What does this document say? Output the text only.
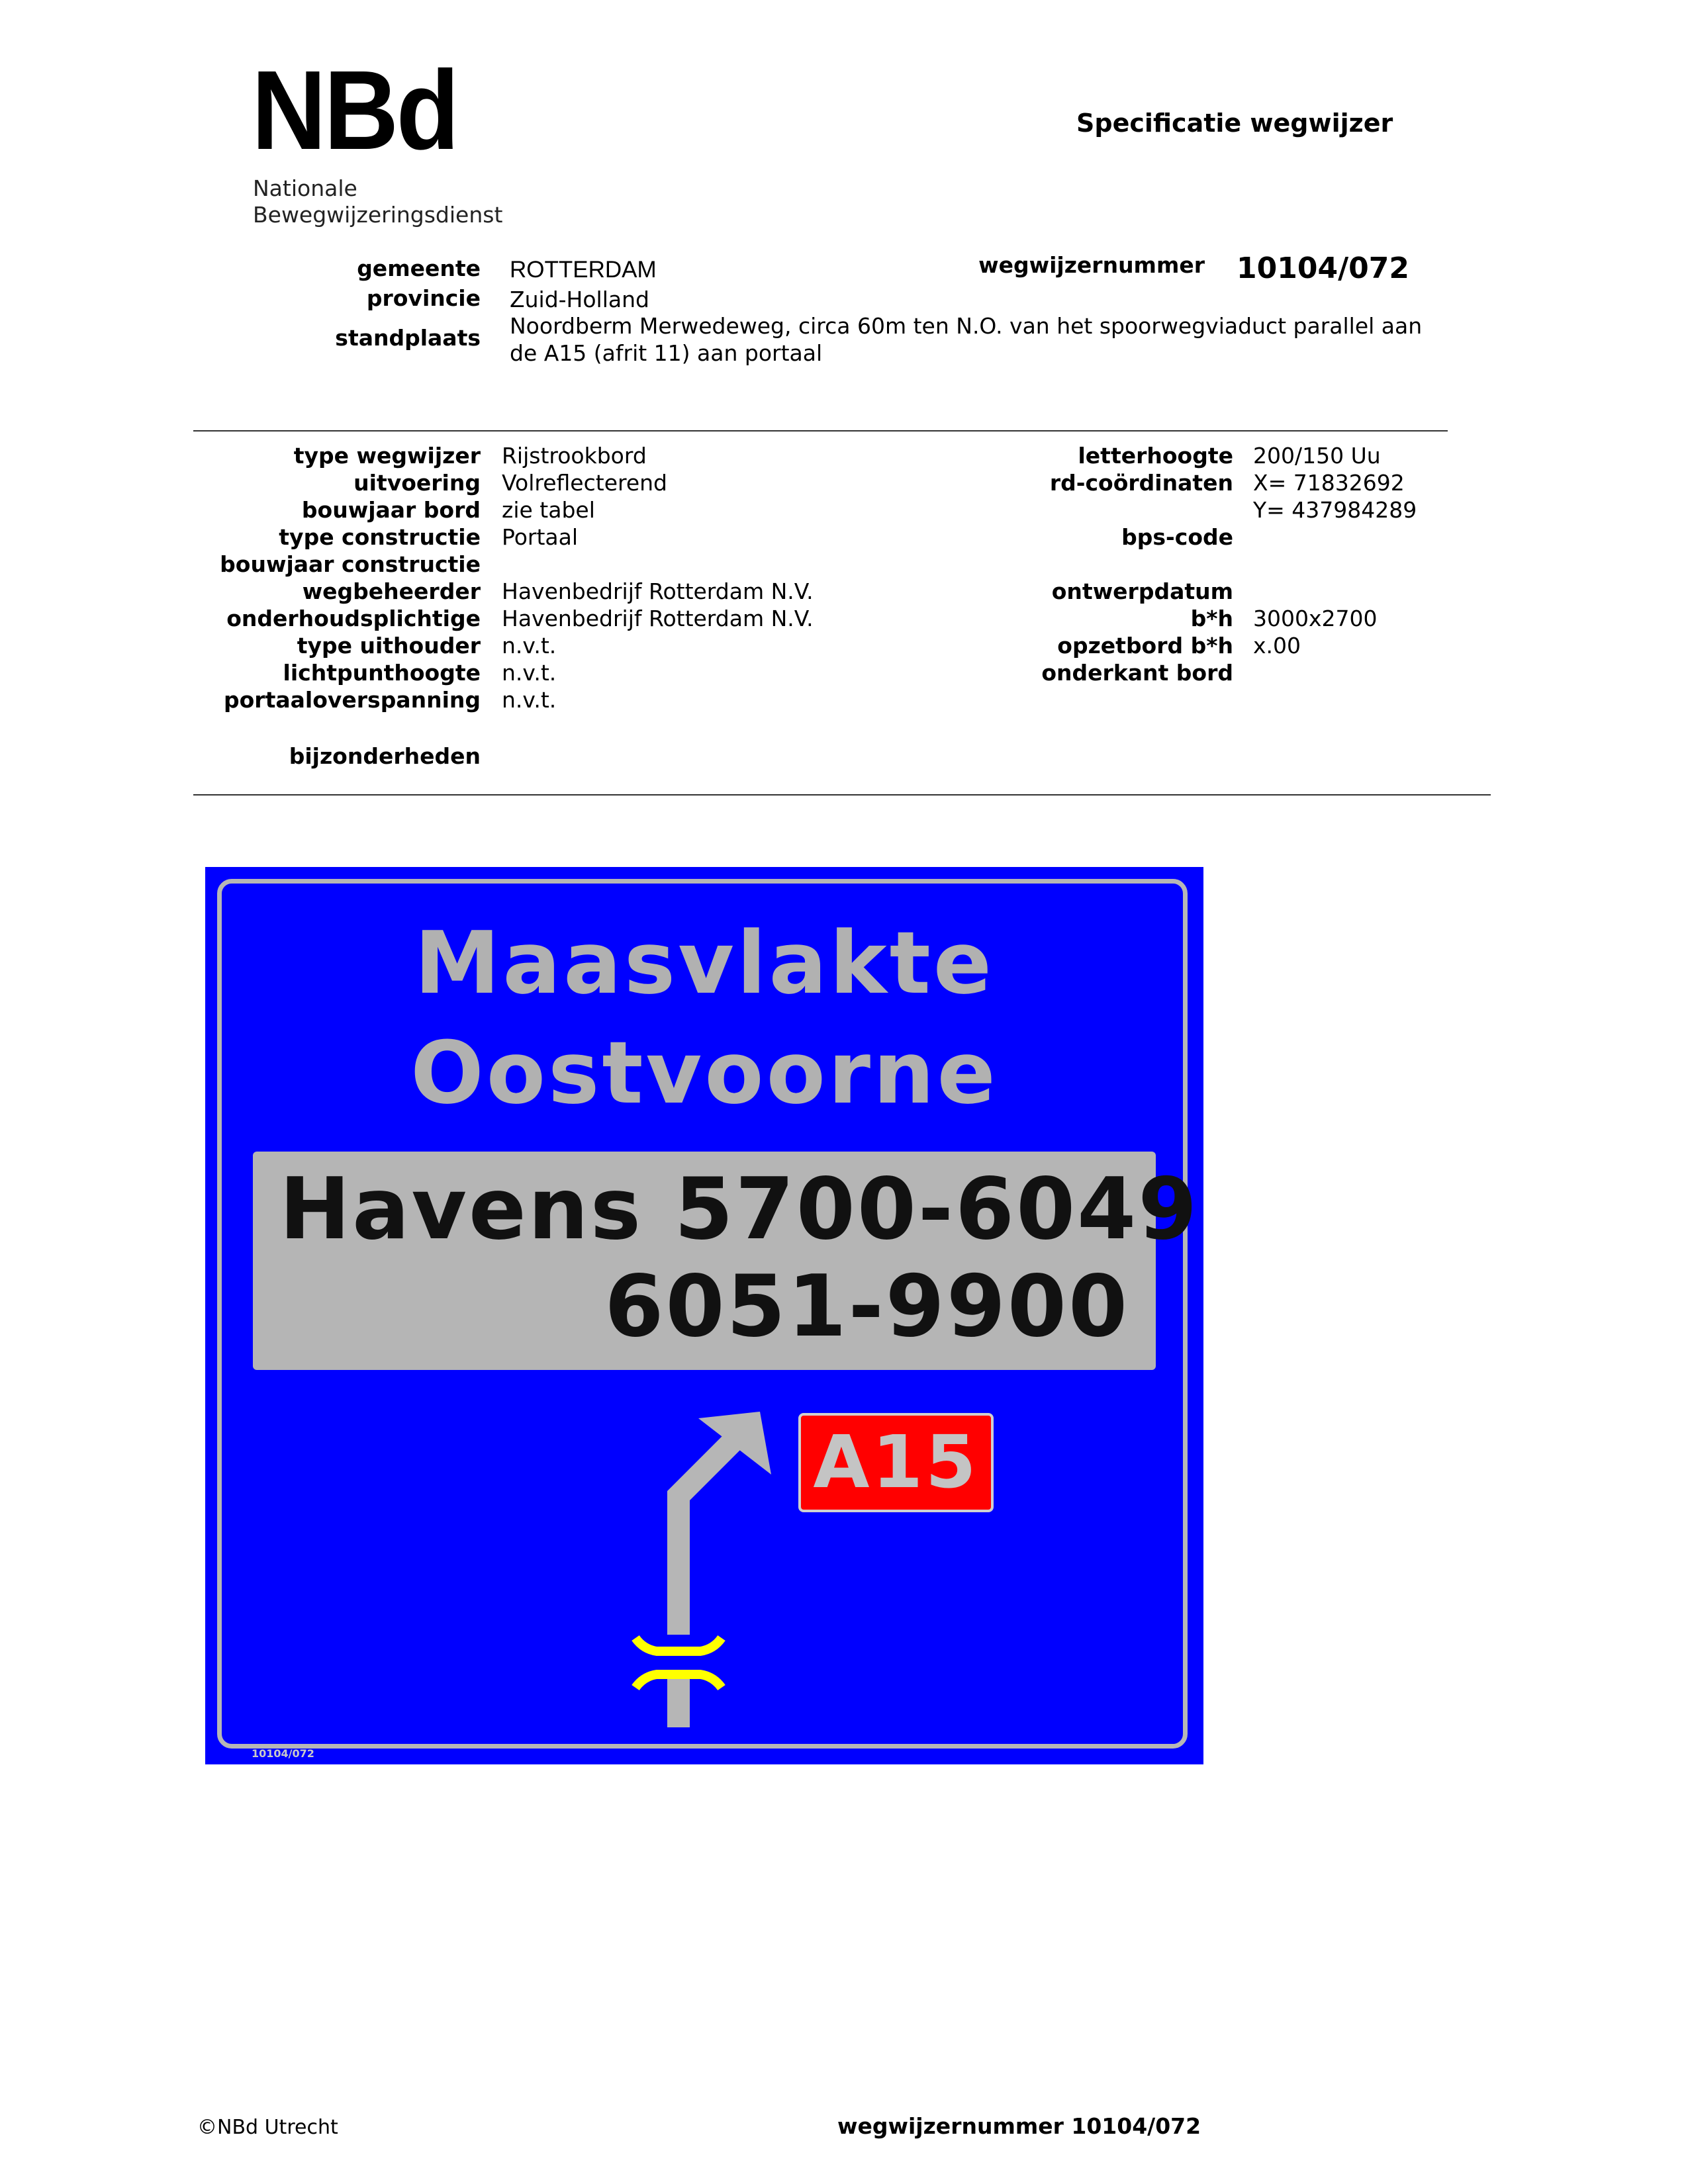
NBd
Nationale
Bewegwijzeringsdienst
Specificatie wegwijzer
gemeente ROTTERDAM
provincie Zuid-Holland
standplaats Noordberm Merwedeweg, circa 60m ten N.O. van het spoorwegviaduct parallel aan
de A15 (afrit 11) aan portaal
wegwijzernummer 10104/072
type wegwijzer Rijstrookbord
uitvoering Volreflecterend
bouwjaar bord zie tabel
type constructie Portaal
bouwjaar constructie
wegbeheerder Havenbedrijf Rotterdam N.V.
onderhoudsplichtige Havenbedrijf Rotterdam N.V.
type uithouder n.v.t.
lichtpunthoogte n.v.t.
portaaloverspanning n.v.t.
letterhoogte 200/150 Uu
rd-coördinaten X= 71832692
Y= 437984289
bps-code
ontwerpdatum
b*h 3000x2700
opzetbord b*h x.00
onderkant bord
bijzonderheden
Maasvlakte
Oostvoorne
Havens 5700-6049
6051-9900
A15
10104/072
©NBd Utrecht	wegwijzernummer 10104/072
